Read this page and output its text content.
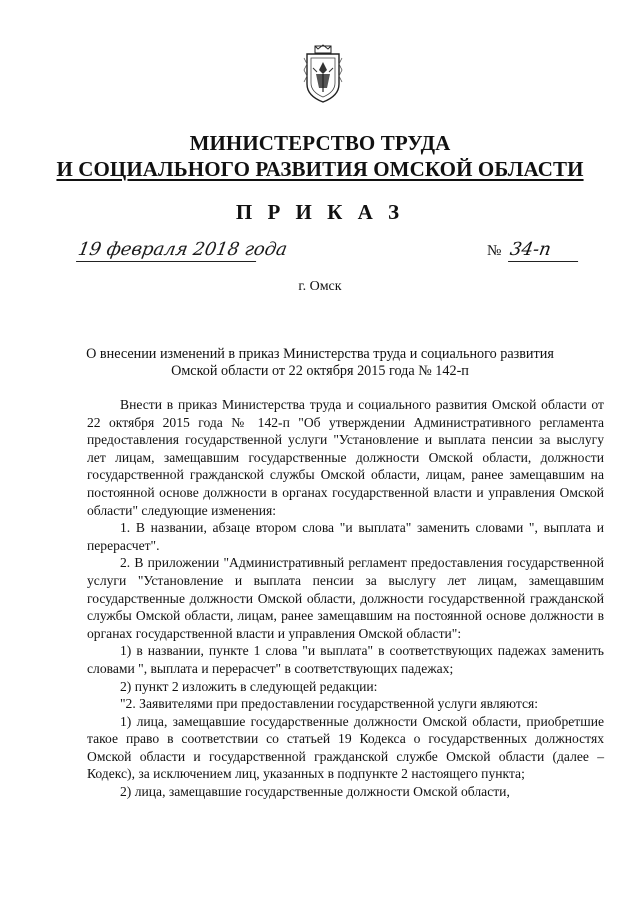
МИНИСТЕРСТВО ТРУДА
И СОЦИАЛЬНОГО РАЗВИТИЯ ОМСКОЙ ОБЛАСТИ
П Р И К А З
19 февраля 2018 года	№ 34-п
г. Омск
О внесении изменений в приказ Министерства труда и социального развития
Омской области от 22 октября 2015 года № 142-п

Внести в приказ Министерства труда и социального развития Омской области от 22 октября 2015 года № 142-п "Об утверждении Административного регламента предоставления государственной услуги "Установление и выплата пенсии за выслугу лет лицам, замещавшим государственные должности Омской области, должности государственной гражданской службы Омской области, лицам, ранее замещавшим на постоянной основе должности в органах государственной власти и управления Омской области" следующие изменения:

1. В названии, абзаце втором слова "и выплата" заменить словами ", выплата и перерасчет".

2. В приложении "Административный регламент предоставления государственной услуги "Установление и выплата пенсии за выслугу лет лицам, замещавшим государственные должности Омской области, должности государственной гражданской службы Омской области, лицам, ранее замещавшим на постоянной основе должности в органах государственной власти и управления Омской области":

1) в названии, пункте 1 слова "и выплата" в соответствующих падежах заменить словами ", выплата и перерасчет" в соответствующих падежах;

2) пункт 2 изложить в следующей редакции:

"2. Заявителями при предоставлении государственной услуги являются:

1) лица, замещавшие государственные должности Омской области, приобретшие такое право в соответствии со статьей 19 Кодекса о государственных должностях Омской области и государственной гражданской службе Омской области (далее – Кодекс), за исключением лиц, указанных в подпункте 2 настоящего пункта;

2) лица, замещавшие государственные должности Омской области,
